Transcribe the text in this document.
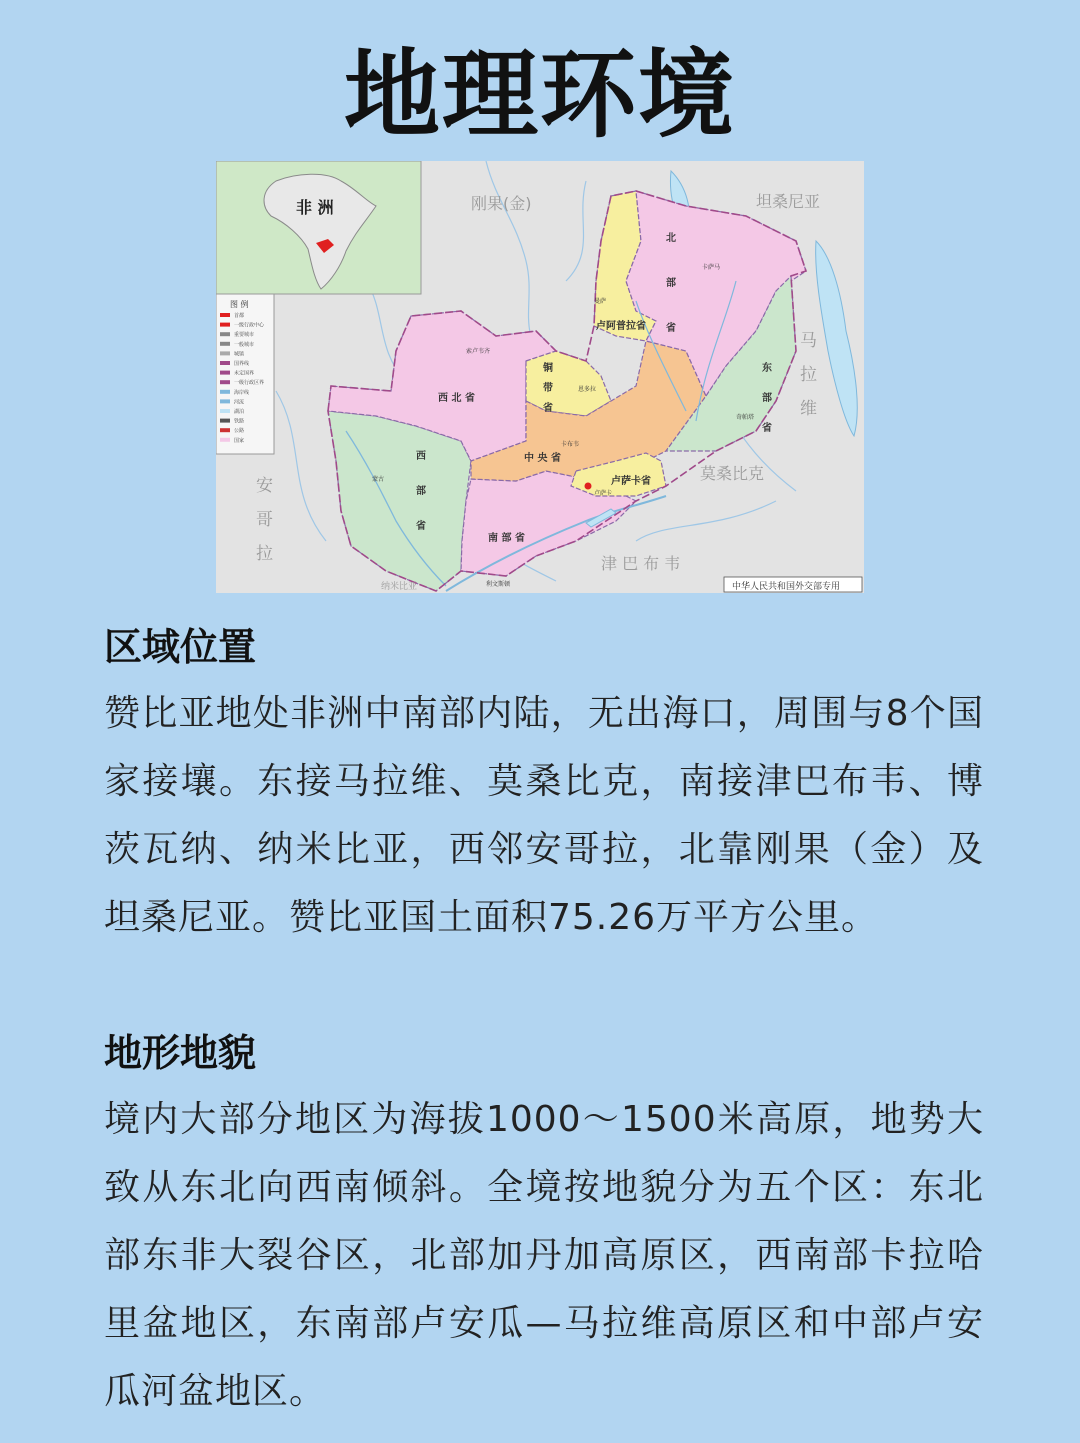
地理环境
非 洲
图 例
首都
一级行政中心
重要城市
一般城市
城镇
国界线
未定国界
一级行政区界
海岸线
河流
湖泊
铁路
公路
国家
刚果(金)	坦桑尼亚
莫桑比克
津 巴 布 韦
纳米比亚
马
拉
维
安
哥
拉
北
部
省
卢阿普拉省
西 北 省
铜
带
省
东
部
省
中 央 省
卢萨卡省
西
部
省
南 部 省
卡萨马
曼萨
索卢韦齐
恩多拉
奇帕塔
卡布韦
蒙古
利文斯顿
卢萨卡
中华人民共和国外交部专用
区域位置

赞比亚地处非洲中南部内陆，无出海口，周围与8个国家接壤。东接马拉维、莫桑比克，南接津巴布韦、博茨瓦纳、纳米比亚，西邻安哥拉，北靠刚果（金）及坦桑尼亚。赞比亚国土面积75.26万平方公里。

地形地貌

境内大部分地区为海拔1000～1500米高原，地势大致从东北向西南倾斜。全境按地貌分为五个区：东北部东非大裂谷区，北部加丹加高原区，西南部卡拉哈里盆地区，东南部卢安瓜—马拉维高原区和中部卢安瓜河盆地区。
